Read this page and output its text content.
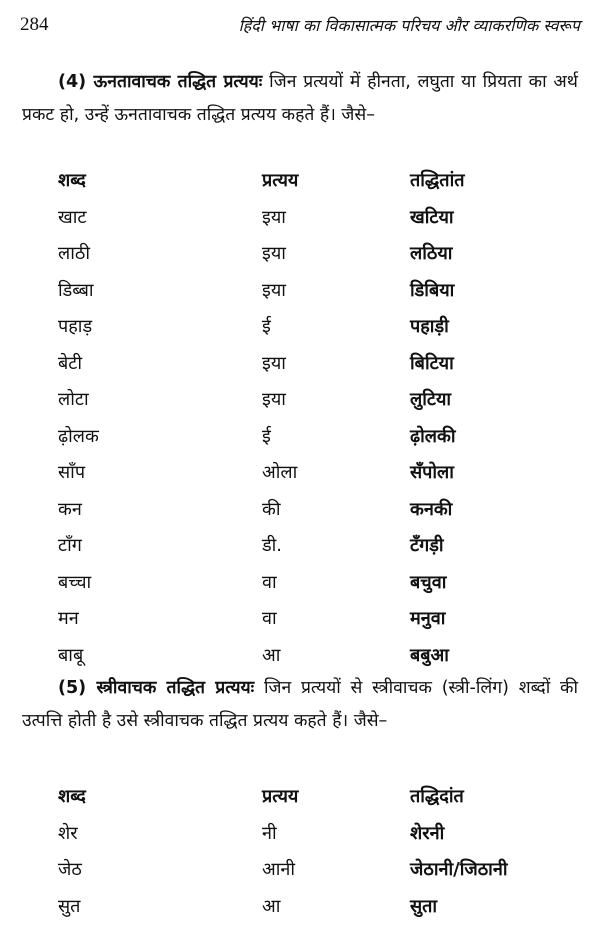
284	हिंदी भाषा का विकासात्मक परिचय और व्याकरणिक स्वरूप
(4) ऊनतावाचक तद्धित प्रत्ययः जिन प्रत्ययों में हीनता, लघुता या प्रियता का अर्थ प्रकट हो, उन्हें ऊनतावाचक तद्धित प्रत्यय कहते हैं। जैसे–
शब्द	प्रत्यय	तद्धितांत
खाट	इया	खटिया
लाठी	इया	लठिया
डिब्बा	इया	डिबिया
पहाड़	ई	पहाड़ी
बेटी	इया	बिटिया
लोटा	इया	लुटिया
ढ़ोलक	ई	ढ़ोलकी
साँप	ओला	सँपोला
कन	की	कनकी
टाँग	डी.	टँगड़ी
बच्चा	वा	बचुवा
मन	वा	मनुवा
बाबू	आ	बबुआ
(5) स्त्रीवाचक तद्धित प्रत्ययः जिन प्रत्ययों से स्त्रीवाचक (स्त्री-लिंग) शब्दों की उत्पत्ति होती है उसे स्त्रीवाचक तद्धित प्रत्यय कहते हैं। जैसे–
शब्द	प्रत्यय	तद्धिदांत
शेर	नी	शेरनी
जेठ	आनी	जेठानी/जिठानी
सुत	आ	सुता
